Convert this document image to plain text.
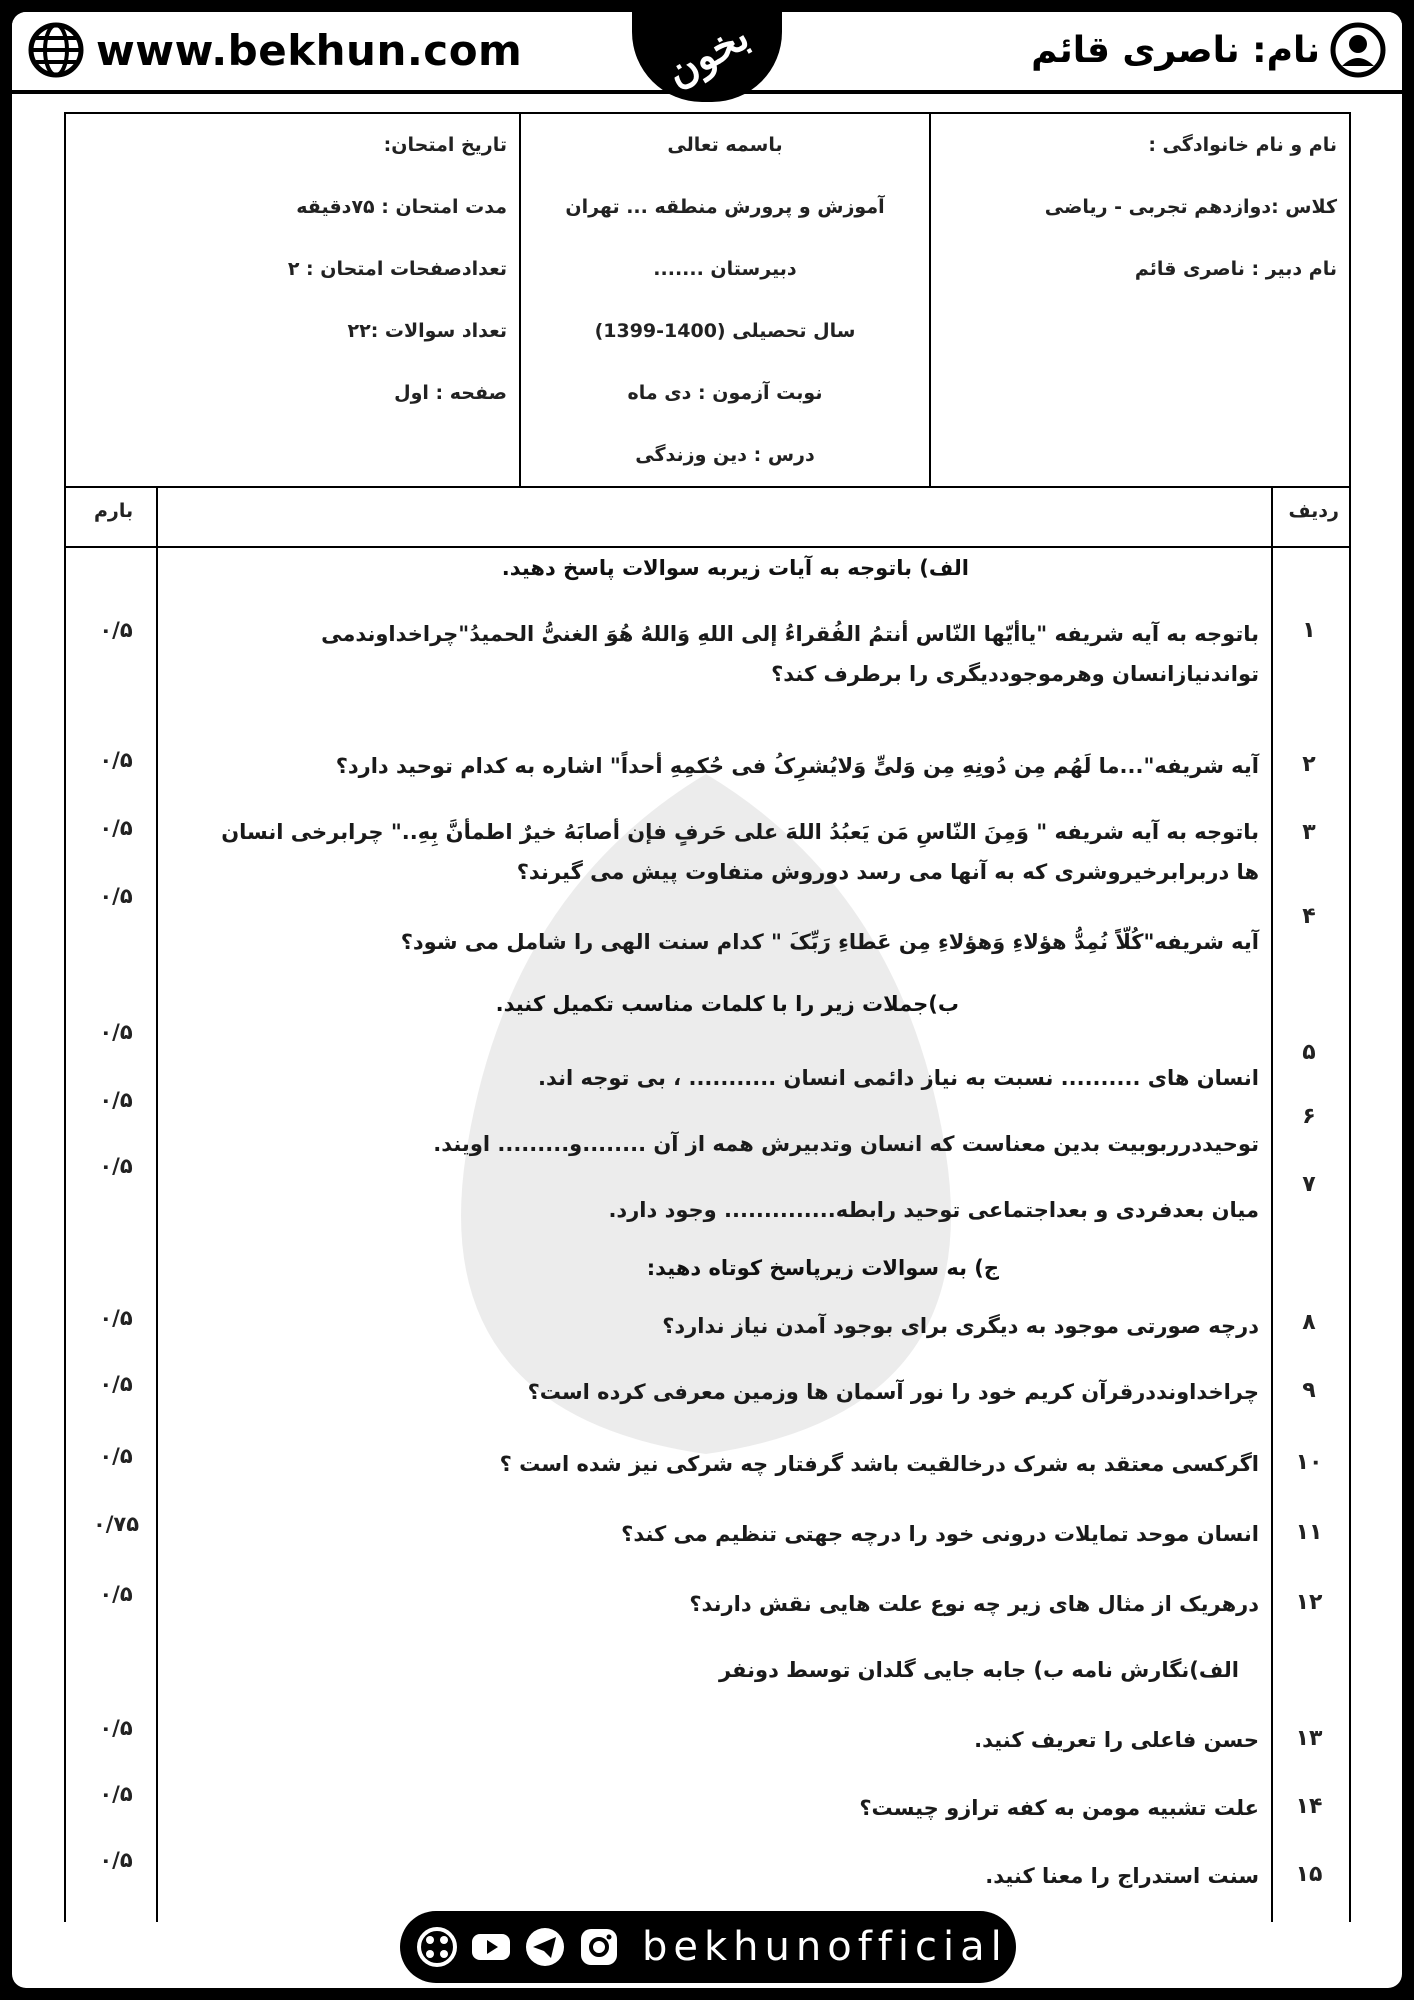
www.bekhun.com	بخون	نام: ناصری قائم
نام و نام خانوادگی :
کلاس :دوازدهم تجربی - ریاضی
نام دبیر : ناصری قائم
باسمه تعالی
آموزش و پرورش منطقه ... تهران
دبیرستان .......
سال تحصیلی (1400-1399)
نوبت آزمون : دی ماه
درس : دین وزندگی
تاریخ امتحان:
مدت امتحان : ۷۵دقیقه
تعدادصفحات امتحان : ۲
تعداد سوالات :۲۲
صفحه : اول
ردیف
بارم
الف) باتوجه به آیات زیربه سوالات پاسخ دهید.
۱
باتوجه به آیه شریفه "یاأیّها النّاس أنتمُ الفُقراءُ إلی اللهِ وَاللهُ هُوَ الغنیُّ الحمیدُ"چراخداوندمی تواندنیازانسان وهرموجوددیگری را برطرف کند؟
۰/۵
۲
آیه شریفه"...ما لَهُم مِن دُونِهِ مِن وَلیٍّ وَلایُشرِکُ فی حُکمِهِ أحداً" اشاره به کدام توحید دارد؟
۰/۵
۳
باتوجه به آیه شریفه " وَمِنَ النّاسِ مَن یَعبُدُ اللهَ علی حَرفٍ فإن أصابَهُ خیرٌ اطمأنَّ بِهِ.." چرابرخی انسان ها دربرابرخیروشری که به آنها می رسد دوروش متفاوت پیش می گیرند؟
۰/۵
۴
آیه شریفه"کُلّاً نُمِدُّ هؤلاءِ وَهؤلاءِ مِن عَطاءِ رَبِّکَ " کدام سنت الهی را شامل می شود؟
۰/۵
ب)جملات زیر را با کلمات مناسب تکمیل کنید.
۵
انسان های .......... نسبت به نیاز دائمی انسان ........... ، بی توجه اند.
۰/۵
۶
توحیددرربوبیت بدین معناست که انسان وتدبیرش همه از آن ........و......... اویند.
۰/۵
۷
میان بعدفردی و بعداجتماعی توحید رابطه.............. وجود دارد.
۰/۵
ج) به سوالات زیرپاسخ کوتاه دهید:
۸
درچه صورتی موجود به دیگری برای بوجود آمدن نیاز ندارد؟
۰/۵
۹
چراخداونددرقرآن کریم خود را نور آسمان ها وزمین معرفی کرده است؟
۰/۵
۱۰
اگرکسی معتقد به شرک درخالقیت باشد گرفتار چه شرکی نیز شده است ؟
۰/۵
۱۱
انسان موحد تمایلات درونی خود را درچه جهتی تنظیم می کند؟
۰/۷۵
۱۲
درهریک از مثال های زیر چه نوع علت هایی نقش دارند؟
۰/۵
الف)نگارش نامه ب) جابه جایی گلدان توسط دونفر
۱۳
حسن فاعلی را تعریف کنید.
۰/۵
۱۴
علت تشبیه مومن به کفه ترازو چیست؟
۰/۵
۱۵
سنت استدراج را معنا کنید.
۰/۵
bekhunofficial
